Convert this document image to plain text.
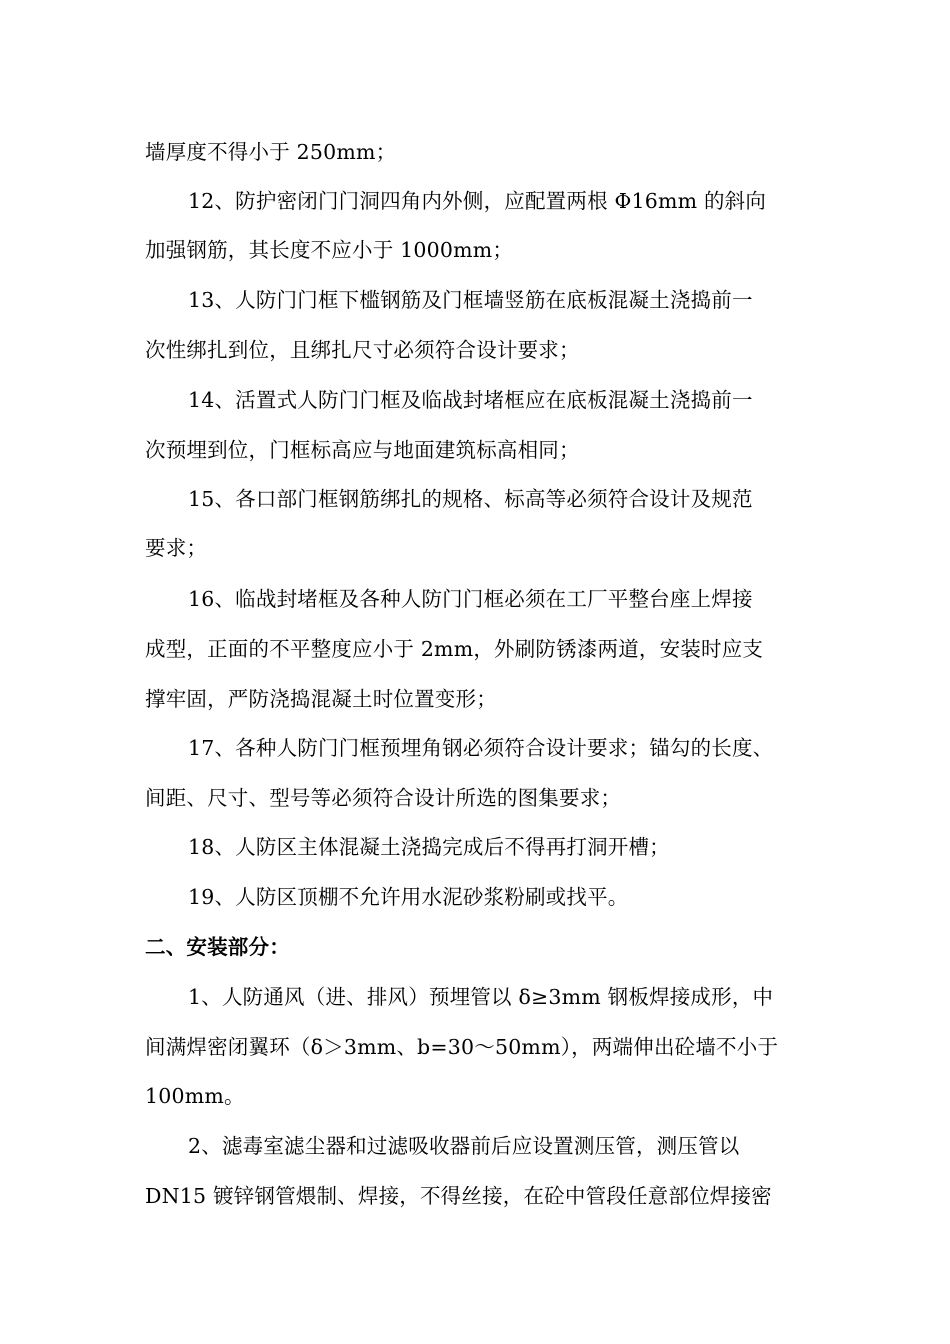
墙厚度不得小于 250mm；
12、防护密闭门门洞四角内外侧，应配置两根 Φ16mm 的斜向
加强钢筋，其长度不应小于 1000mm；
13、人防门门框下槛钢筋及门框墙竖筋在底板混凝土浇捣前一
次性绑扎到位，且绑扎尺寸必须符合设计要求；
14、活置式人防门门框及临战封堵框应在底板混凝土浇捣前一
次预埋到位，门框标高应与地面建筑标高相同；
15、各口部门框钢筋绑扎的规格、标高等必须符合设计及规范
要求；
16、临战封堵框及各种人防门门框必须在工厂平整台座上焊接
成型，正面的不平整度应小于 2mm，外刷防锈漆两道，安装时应支
撑牢固，严防浇捣混凝土时位置变形；
17、各种人防门门框预埋角钢必须符合设计要求；锚勾的长度、
间距、尺寸、型号等必须符合设计所选的图集要求；
18、人防区主体混凝土浇捣完成后不得再打洞开槽；
19、人防区顶棚不允许用水泥砂浆粉刷或找平。
二、安装部分：
1、人防通风（进、排风）预埋管以 δ≥3mm 钢板焊接成形，中
间满焊密闭翼环（δ＞3mm、b=30～50mm），两端伸出砼墙不小于
100mm。
2、滤毒室滤尘器和过滤吸收器前后应设置测压管，测压管以
DN15 镀锌钢管煨制、焊接，不得丝接，在砼中管段任意部位焊接密
